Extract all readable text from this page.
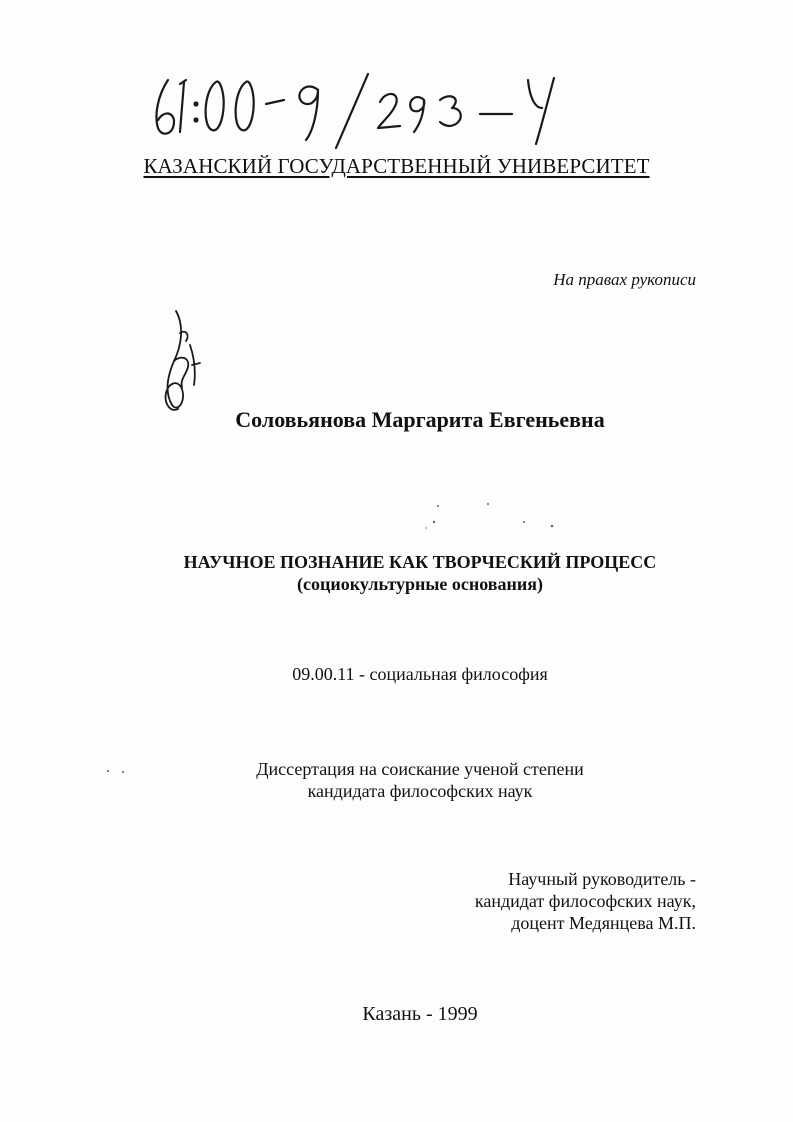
КАЗАНСКИЙ ГОСУДАРСТВЕННЫЙ УНИВЕРСИТЕТ
На правах рукописи
Соловьянова Маргарита Евгеньевна
НАУЧНОЕ ПОЗНАНИЕ КАК ТВОРЧЕСКИЙ ПРОЦЕСС
(социокультурные основания)
09.00.11 - социальная философия
Диссертация на соискание ученой степени
кандидата философских наук
Научный руководитель -
кандидат философских наук,
доцент Медянцева М.П.
Казань - 1999
